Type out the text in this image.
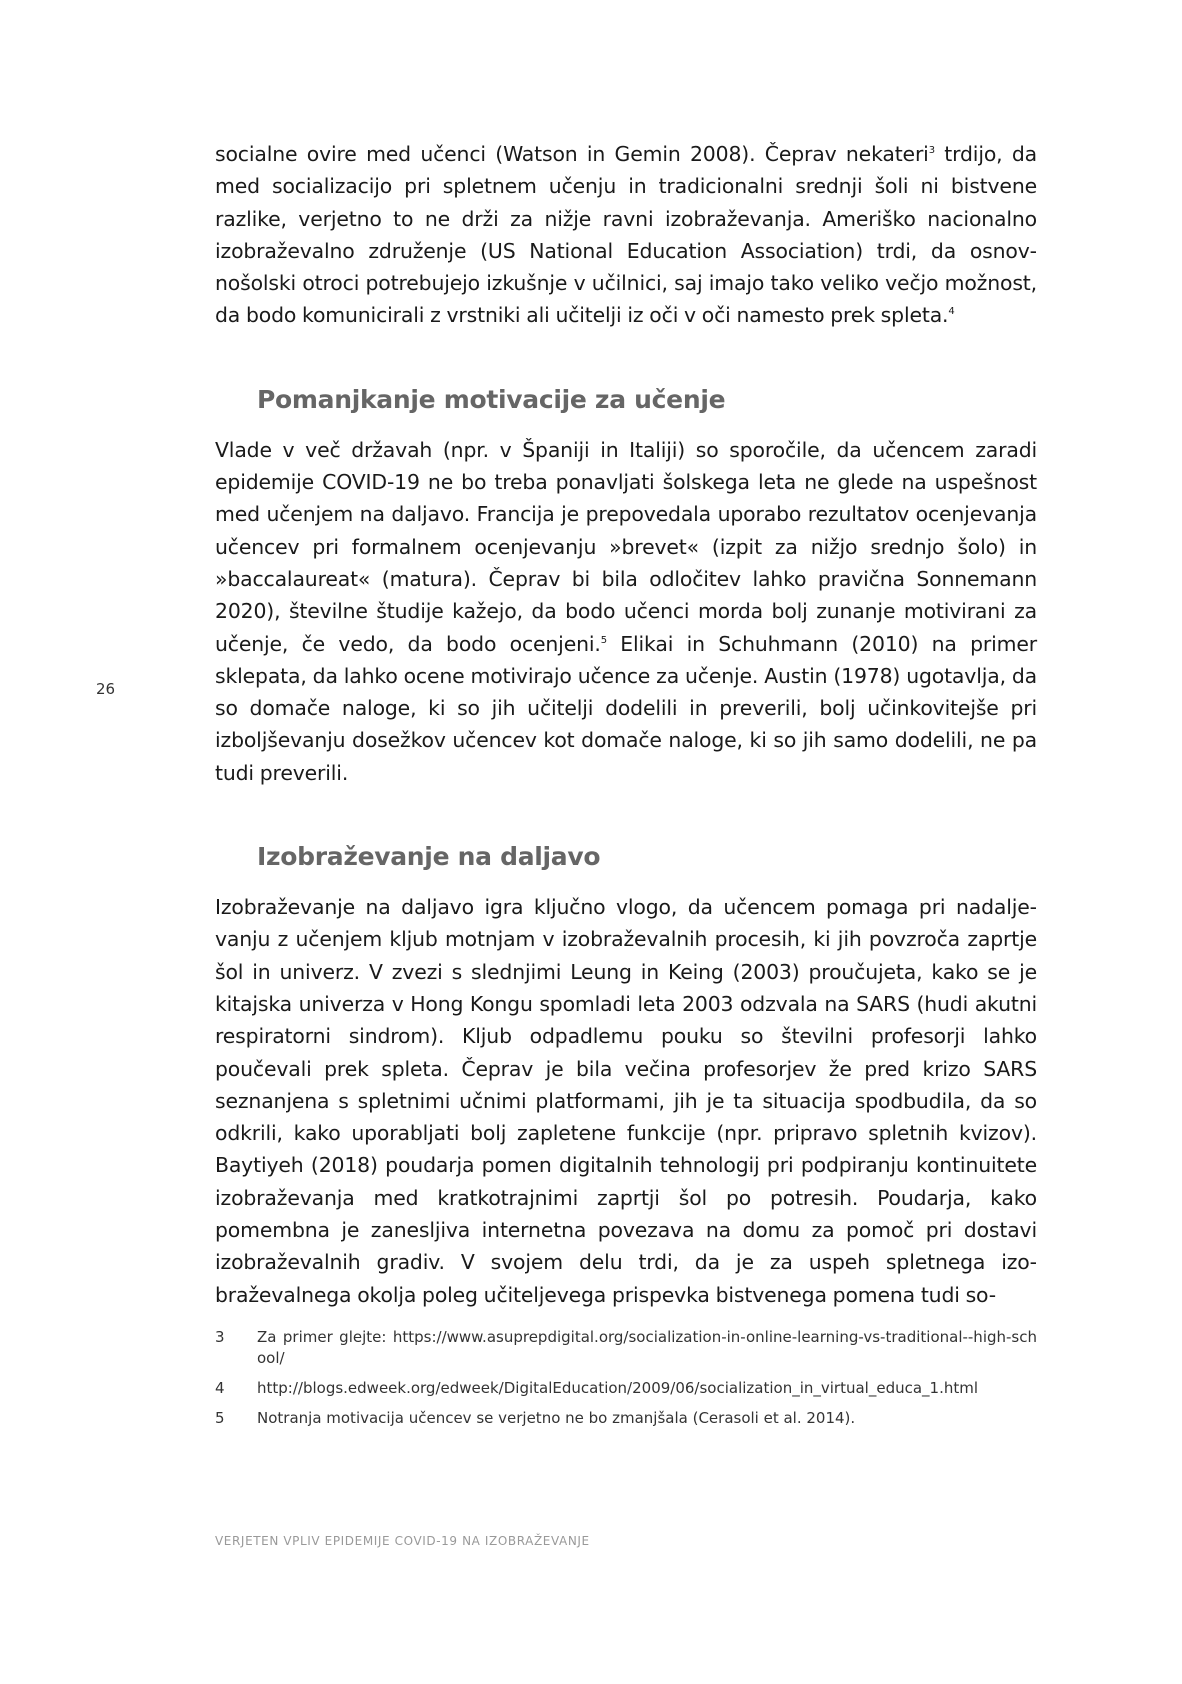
26

socialne ovire med učenci (Watson in Gemin 2008). Čeprav nekateri$^3$ trdijo, da med socializacijo pri spletnem učenju in tradicionalni srednji šoli ni bistvene razlike, verjetno to ne drži za nižje ravni izobraževanja. Ameriško nacionalno izobraževalno združenje (US National Education Association) trdi, da osnovnošolski otroci potrebujejo izkušnje v učilnici, saj imajo tako veliko večjo možnost, da bodo komunicirali z vrstniki ali učitelji iz oči v oči namesto prek spleta.$^4$

Pomanjkanje motivacije za učenje

Vlade v več državah (npr. v Španiji in Italiji) so sporočile, da učencem zaradi epidemije COVID-19 ne bo treba ponavljati šolskega leta ne glede na uspešnost med učenjem na daljavo. Francija je prepovedala uporabo rezultatov ocenjevanja učencev pri formalnem ocenjevanju »brevet« (izpit za nižjo srednjo šolo) in »baccalaureat« (matura). Čeprav bi bila odločitev lahko pravična Sonnemann 2020), številne študije kažejo, da bodo učenci morda bolj zunanje motivirani za učenje, če vedo, da bodo ocenjeni.$^5$ Elikai in Schuhmann (2010) na primer sklepata, da lahko ocene motivirajo učence za učenje. Austin (1978) ugotavlja, da so domače naloge, ki so jih učitelji dodelili in preverili, bolj učinkovitejše pri izboljševanju dosežkov učencev kot domače naloge, ki so jih samo dodelili, ne pa tudi preverili.

Izobraževanje na daljavo

Izobraževanje na daljavo igra ključno vlogo, da učencem pomaga pri nadaljevanju z učenjem kljub motnjam v izobraževalnih procesih, ki jih povzroča zaprtje šol in univerz. V zvezi s slednjimi Leung in Keing (2003) proučujeta, kako se je kitajska univerza v Hong Kongu spomladi leta 2003 odzvala na SARS (hudi akutni respiratorni sindrom). Kljub odpadlemu pouku so številni profesorji lahko poučevali prek spleta. Čeprav je bila večina profesorjev že pred krizo SARS seznanjena s spletnimi učnimi platformami, jih je ta situacija spodbudila, da so odkrili, kako uporabljati bolj zapletene funkcije (npr. pripravo spletnih kvizov). Baytiyeh (2018) poudarja pomen digitalnih tehnologij pri podpiranju kontinuitete izobraževanja med kratkotrajnimi zaprtji šol po potresih. Poudarja, kako pomembna je zanesljiva internetna povezava na domu za pomoč pri dostavi izobraževalnih gradiv. V svojem delu trdi, da je za uspeh spletnega izobraževalnega okolja poleg učiteljevega prispevka bistvenega pomena tudi so-

3	Za primer glejte: https://www.asuprepdigital.org/socialization-in-online-learning-vs-traditional--high-school/
4	http://blogs.edweek.org/edweek/DigitalEducation/2009/06/socialization_in_virtual_educa_1.html
5	Notranja motivacija učencev se verjetno ne bo zmanjšala (Cerasoli et al. 2014).
VERJETEN VPLIV EPIDEMIJE COVID-19 NA IZOBRAŽEVANJE
